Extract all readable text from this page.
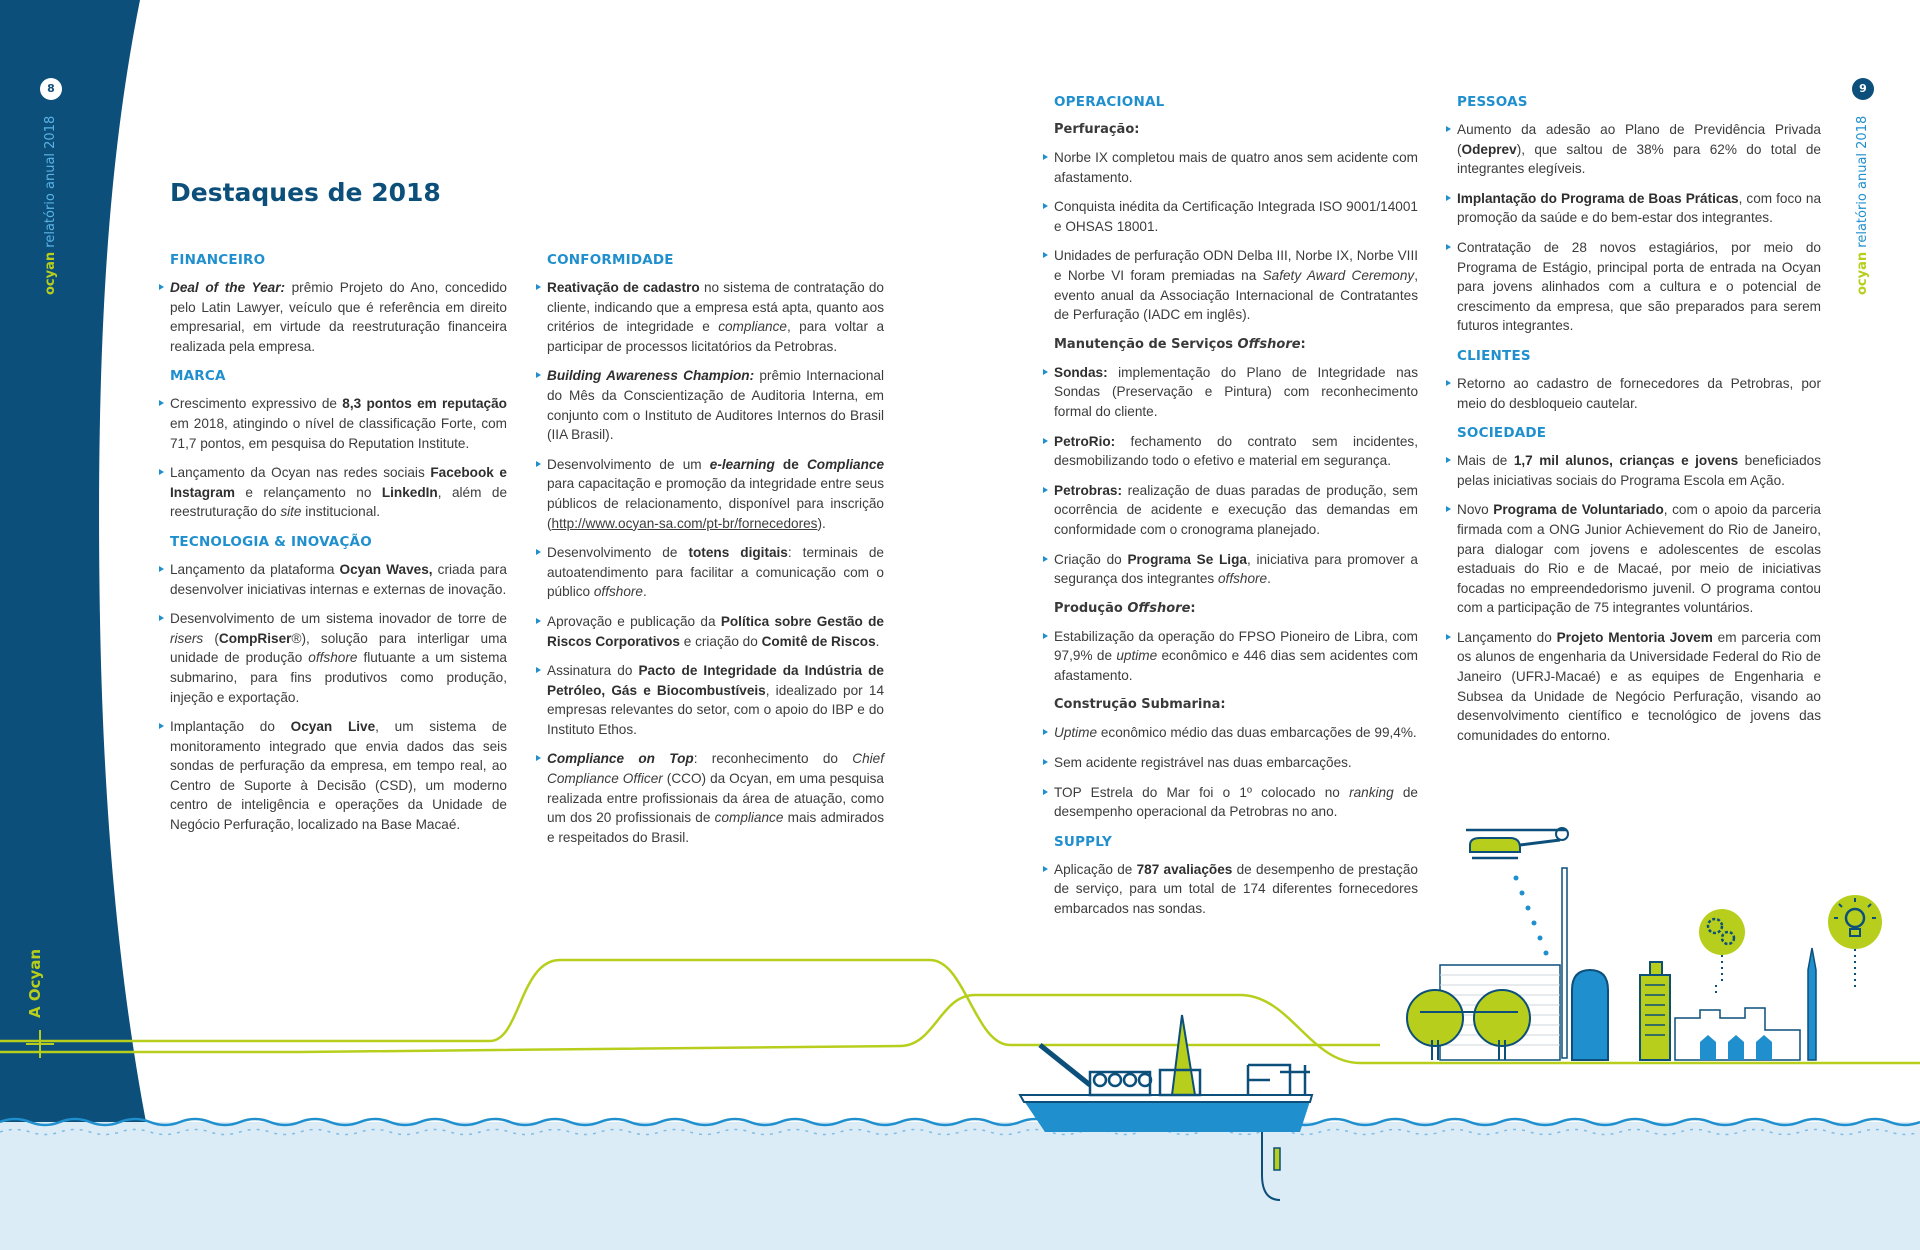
8
ocyan relatório anual 2018
A Ocyan
9
ocyan relatório anual 2018
Destaques de 2018
FINANCEIRO
Deal of the Year: prêmio Projeto do Ano, concedido pelo Latin Lawyer, veículo que é referência em direito empresarial, em virtude da reestruturação financeira realizada pela empresa.
MARCA
Crescimento expressivo de 8,3 pontos em reputação em 2018, atingindo o nível de classificação Forte, com 71,7 pontos, em pesquisa do Reputation Institute.
Lançamento da Ocyan nas redes sociais Facebook e Instagram e relançamento no LinkedIn, além de reestruturação do site institucional.
TECNOLOGIA & INOVAÇÃO
Lançamento da plataforma Ocyan Waves, criada para desenvolver iniciativas internas e externas de inovação.
Desenvolvimento de um sistema inovador de torre de risers (CompRiser®), solução para interligar uma unidade de produção offshore flutuante a um sistema submarino, para fins produtivos como produção, injeção e exportação.
Implantação do Ocyan Live, um sistema de monitoramento integrado que envia dados das seis sondas de perfuração da empresa, em tempo real, ao Centro de Suporte à Decisão (CSD), um moderno centro de inteligência e operações da Unidade de Negócio Perfuração, localizado na Base Macaé.
CONFORMIDADE
Reativação de cadastro no sistema de contratação do cliente, indicando que a empresa está apta, quanto aos critérios de integridade e compliance, para voltar a participar de processos licitatórios da Petrobras.
Building Awareness Champion: prêmio Internacional do Mês da Conscientização de Auditoria Interna, em conjunto com o Instituto de Auditores Internos do Brasil (IIA Brasil).
Desenvolvimento de um e-learning de Compliance para capacitação e promoção da integridade entre seus públicos de relacionamento, disponível para inscrição (http://www.ocyan-sa.com/pt-br/fornecedores).
Desenvolvimento de totens digitais: terminais de autoatendimento para facilitar a comunicação com o público offshore.
Aprovação e publicação da Política sobre Gestão de Riscos Corporativos e criação do Comitê de Riscos.
Assinatura do Pacto de Integridade da Indústria de Petróleo, Gás e Biocombustíveis, idealizado por 14 empresas relevantes do setor, com o apoio do IBP e do Instituto Ethos.
Compliance on Top: reconhecimento do Chief Compliance Officer (CCO) da Ocyan, em uma pesquisa realizada entre profissionais da área de atuação, como um dos 20 profissionais de compliance mais admirados e respeitados do Brasil.
OPERACIONAL
Perfuração:
Norbe IX completou mais de quatro anos sem acidente com afastamento.
Conquista inédita da Certificação Integrada ISO 9001/14001 e OHSAS 18001.
Unidades de perfuração ODN Delba III, Norbe IX, Norbe VIII e Norbe VI foram premiadas na Safety Award Ceremony, evento anual da Associação Internacional de Contratantes de Perfuração (IADC em inglês).
Manutenção de Serviços Offshore:
Sondas: implementação do Plano de Integridade nas Sondas (Preservação e Pintura) com reconhecimento formal do cliente.
PetroRio: fechamento do contrato sem incidentes, desmobilizando todo o efetivo e material em segurança.
Petrobras: realização de duas paradas de produção, sem ocorrência de acidente e execução das demandas em conformidade com o cronograma planejado.
Criação do Programa Se Liga, iniciativa para promover a segurança dos integrantes offshore.
Produção Offshore:
Estabilização da operação do FPSO Pioneiro de Libra, com 97,9% de uptime econômico e 446 dias sem acidentes com afastamento.
Construção Submarina:
Uptime econômico médio das duas embarcações de 99,4%.
Sem acidente registrável nas duas embarcações.
TOP Estrela do Mar foi o 1º colocado no ranking de desempenho operacional da Petrobras no ano.
SUPPLY
Aplicação de 787 avaliações de desempenho de prestação de serviço, para um total de 174 diferentes fornecedores embarcados nas sondas.
PESSOAS
Aumento da adesão ao Plano de Previdência Privada (Odeprev), que saltou de 38% para 62% do total de integrantes elegíveis.
Implantação do Programa de Boas Práticas, com foco na promoção da saúde e do bem-estar dos integrantes.
Contratação de 28 novos estagiários, por meio do Programa de Estágio, principal porta de entrada na Ocyan para jovens alinhados com a cultura e o potencial de crescimento da empresa, que são preparados para serem futuros integrantes.
CLIENTES
Retorno ao cadastro de fornecedores da Petrobras, por meio do desbloqueio cautelar.
SOCIEDADE
Mais de 1,7 mil alunos, crianças e jovens beneficiados pelas iniciativas sociais do Programa Escola em Ação.
Novo Programa de Voluntariado, com o apoio da parceria firmada com a ONG Junior Achievement do Rio de Janeiro, para dialogar com jovens e adolescentes de escolas estaduais do Rio e de Macaé, por meio de iniciativas focadas no empreendedorismo juvenil. O programa contou com a participação de 75 integrantes voluntários.
Lançamento do Projeto Mentoria Jovem em parceria com os alunos de engenharia da Universidade Federal do Rio de Janeiro (UFRJ-Macaé) e as equipes de Engenharia e Subsea da Unidade de Negócio Perfuração, visando ao desenvolvimento científico e tecnológico de jovens das comunidades do entorno.
